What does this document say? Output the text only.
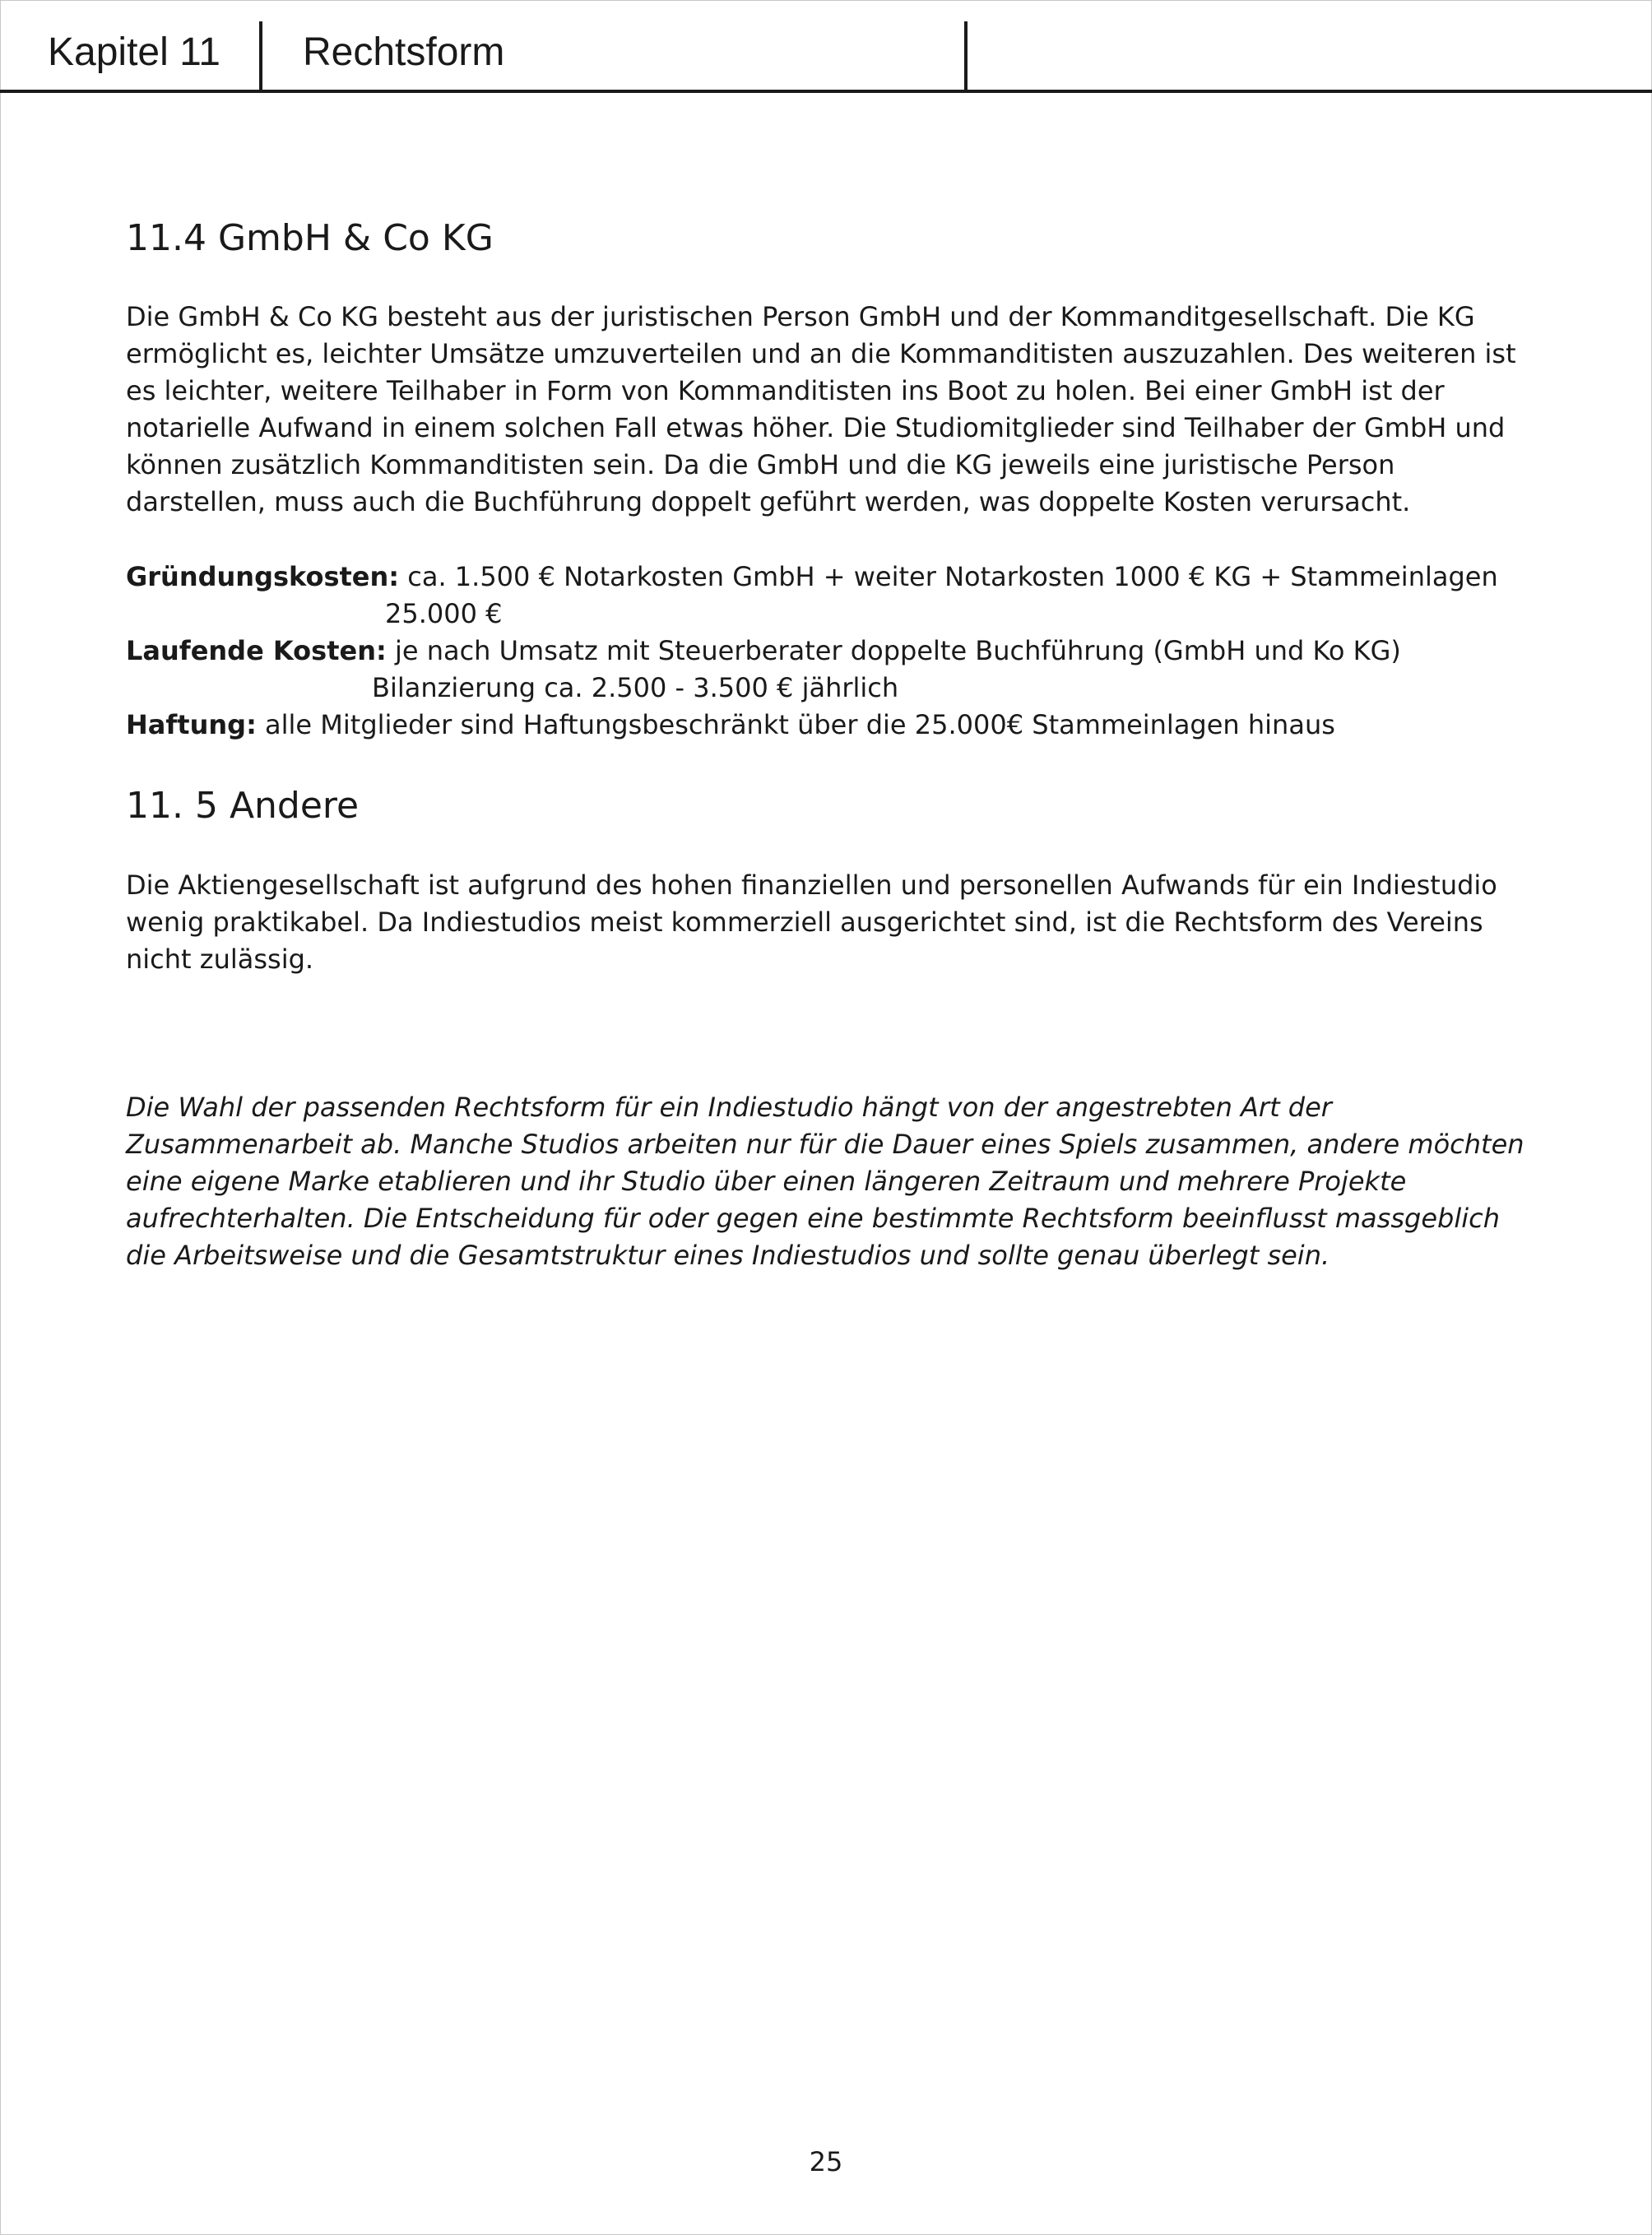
Kapitel 11 Rechtsform
11.4 GmbH & Co KG

Die GmbH & Co KG besteht aus der juristischen Person GmbH und der Kommanditgesellschaft. Die KG ermöglicht es, leichter Umsätze umzuverteilen und an die Kommanditisten auszuzahlen. Des weiteren ist es leichter, weitere Teilhaber in Form von Kommanditisten ins Boot zu holen. Bei einer GmbH ist der notarielle Aufwand in einem solchen Fall etwas höher. Die Studiomitglieder sind Teilhaber der GmbH und können zusätzlich Kommanditisten sein. Da die GmbH und die KG jeweils eine juristische Person darstellen, muss auch die Buchführung doppelt geführt werden, was doppelte Kosten verursacht.

Gründungskosten: ca. 1.500 € Notarkosten GmbH + weiter Notarkosten 1000 € KG + Stammeinlagen
25.000 €
Laufende Kosten: je nach Umsatz mit Steuerberater doppelte Buchführung (GmbH und Ko KG)
Bilanzierung ca. 2.500 - 3.500 € jährlich
Haftung: alle Mitglieder sind Haftungsbeschränkt über die 25.000€ Stammeinlagen hinaus
11. 5 Andere

Die Aktiengesellschaft ist aufgrund des hohen finanziellen und personellen Aufwands für ein Indiestudio wenig praktikabel. Da Indiestudios meist kommerziell ausgerichtet sind, ist die Rechtsform des Vereins nicht zulässig.

Die Wahl der passenden Rechtsform für ein Indiestudio hängt von der angestrebten Art der Zusammenarbeit ab. Manche Studios arbeiten nur für die Dauer eines Spiels zusammen, andere möchten eine eigene Marke etablieren und ihr Studio über einen längeren Zeitraum und mehrere Projekte aufrechterhalten. Die Entscheidung für oder gegen eine bestimmte Rechtsform beeinflusst massgeblich die Arbeitsweise und die Gesamtstruktur eines Indiestudios und sollte genau überlegt sein.

25
